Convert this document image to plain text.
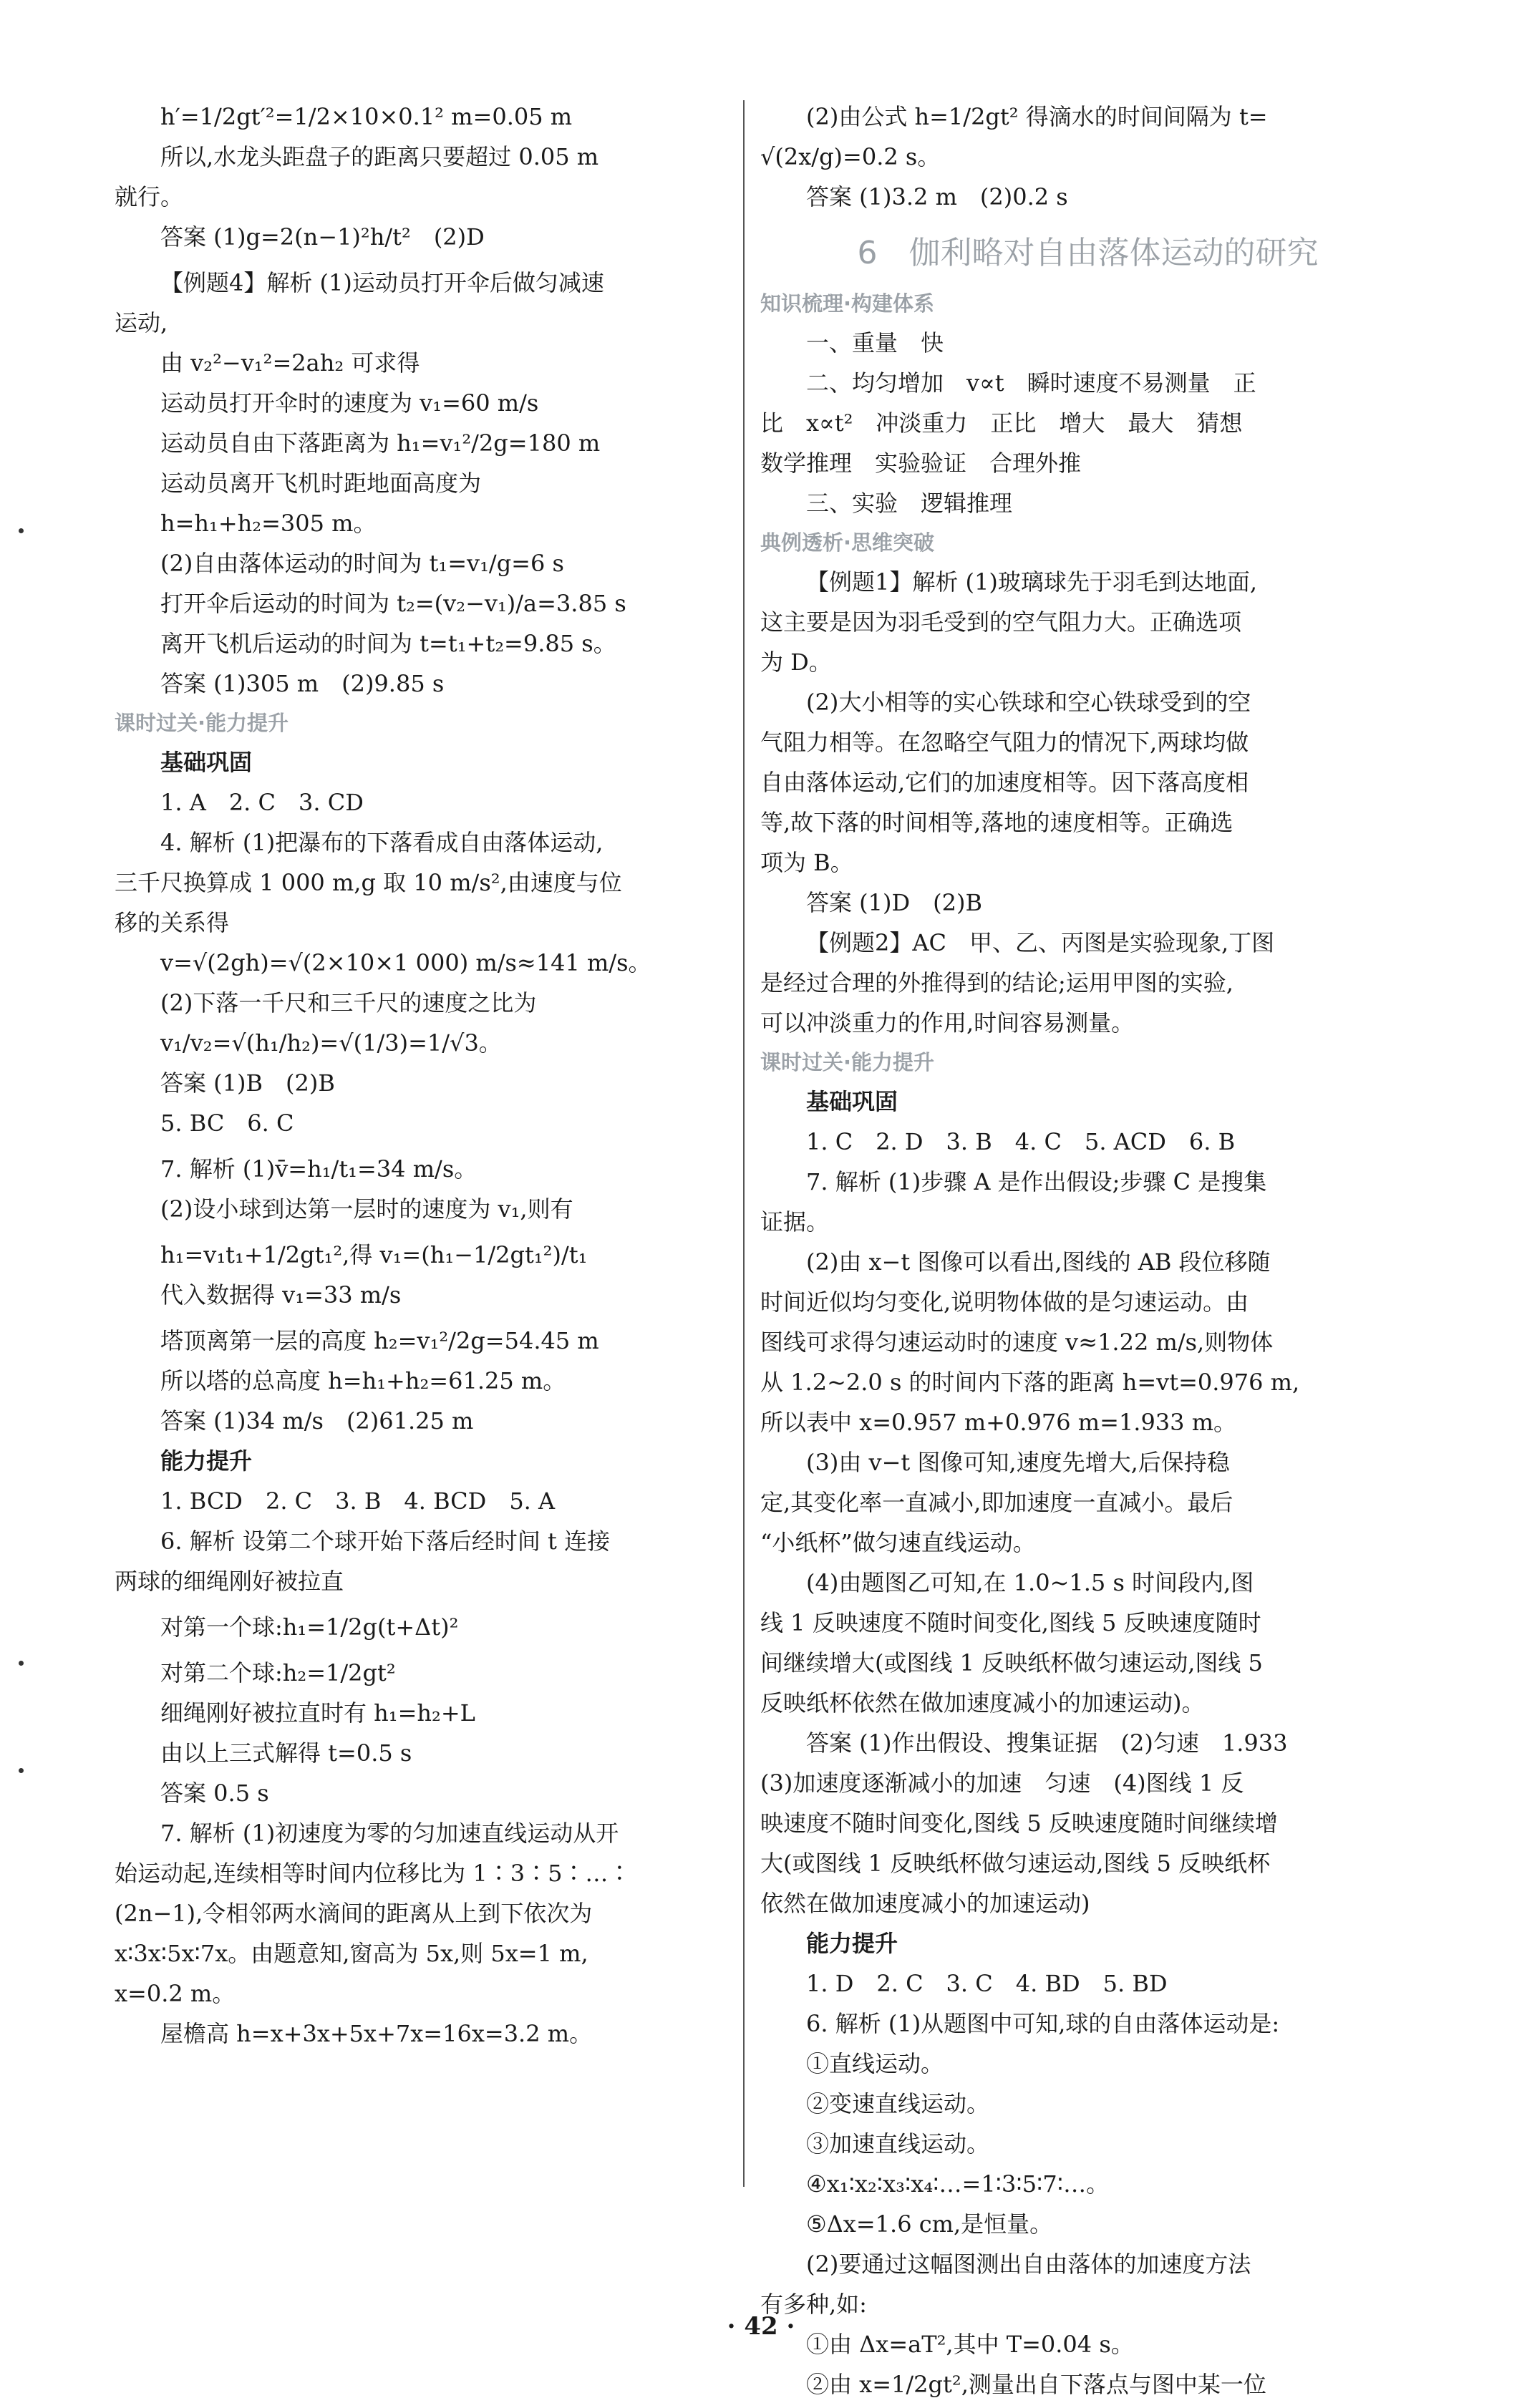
h′=1/2gt′²=1/2×10×0.1² m=0.05 m
所以,水龙头距盘子的距离只要超过 0.05 m
就行。
答案 (1)g=2(n−1)²h/t²　(2)D
【例题4】解析 (1)运动员打开伞后做匀减速
运动,
由 v₂²−v₁²=2ah₂ 可求得
运动员打开伞时的速度为 v₁=60 m/s
运动员自由下落距离为 h₁=v₁²/2g=180 m
运动员离开飞机时距地面高度为
h=h₁+h₂=305 m。
(2)自由落体运动的时间为 t₁=v₁/g=6 s
打开伞后运动的时间为 t₂=(v₂−v₁)/a=3.85 s
离开飞机后运动的时间为 t=t₁+t₂=9.85 s。
答案 (1)305 m　(2)9.85 s
课时过关·能力提升
基础巩固
1. A　2. C　3. CD
4. 解析 (1)把瀑布的下落看成自由落体运动,
三千尺换算成 1 000 m,g 取 10 m/s²,由速度与位
移的关系得
v=√(2gh)=√(2×10×1 000) m/s≈141 m/s。
(2)下落一千尺和三千尺的速度之比为
v₁/v₂=√(h₁/h₂)=√(1/3)=1/√3。
答案 (1)B　(2)B
5. BC　6. C
7. 解析 (1)v̄=h₁/t₁=34 m/s。
(2)设小球到达第一层时的速度为 v₁,则有
h₁=v₁t₁+1/2gt₁²,得 v₁=(h₁−1/2gt₁²)/t₁
代入数据得 v₁=33 m/s
塔顶离第一层的高度 h₂=v₁²/2g=54.45 m
所以塔的总高度 h=h₁+h₂=61.25 m。
答案 (1)34 m/s　(2)61.25 m
能力提升
1. BCD　2. C　3. B　4. BCD　5. A
6. 解析 设第二个球开始下落后经时间 t 连接
两球的细绳刚好被拉直
对第一个球:h₁=1/2g(t+Δt)²
对第二个球:h₂=1/2gt²
细绳刚好被拉直时有 h₁=h₂+L
由以上三式解得 t=0.5 s
答案 0.5 s
7. 解析 (1)初速度为零的匀加速直线运动从开
始运动起,连续相等时间内位移比为 1∶3∶5∶…∶
(2n−1),令相邻两水滴间的距离从上到下依次为
x∶3x∶5x∶7x。由题意知,窗高为 5x,则 5x=1 m,
x=0.2 m。
屋檐高 h=x+3x+5x+7x=16x=3.2 m。
(2)由公式 h=1/2gt² 得滴水的时间间隔为 t=
√(2x/g)=0.2 s。
答案 (1)3.2 m　(2)0.2 s
6　伽利略对自由落体运动的研究
知识梳理·构建体系
一、重量　快
二、均匀增加　v∝t　瞬时速度不易测量　正
比　x∝t²　冲淡重力　正比　增大　最大　猜想
数学推理　实验验证　合理外推
三、实验　逻辑推理
典例透析·思维突破
【例题1】解析 (1)玻璃球先于羽毛到达地面,
这主要是因为羽毛受到的空气阻力大。正确选项
为 D。
(2)大小相等的实心铁球和空心铁球受到的空
气阻力相等。在忽略空气阻力的情况下,两球均做
自由落体运动,它们的加速度相等。因下落高度相
等,故下落的时间相等,落地的速度相等。正确选
项为 B。
答案 (1)D　(2)B
【例题2】AC　甲、乙、丙图是实验现象,丁图
是经过合理的外推得到的结论;运用甲图的实验,
可以冲淡重力的作用,时间容易测量。
课时过关·能力提升
基础巩固
1. C　2. D　3. B　4. C　5. ACD　6. B
7. 解析 (1)步骤 A 是作出假设;步骤 C 是搜集
证据。
(2)由 x−t 图像可以看出,图线的 AB 段位移随
时间近似均匀变化,说明物体做的是匀速运动。由
图线可求得匀速运动时的速度 v≈1.22 m/s,则物体
从 1.2~2.0 s 的时间内下落的距离 h=vt=0.976 m,
所以表中 x=0.957 m+0.976 m=1.933 m。
(3)由 v−t 图像可知,速度先增大,后保持稳
定,其变化率一直减小,即加速度一直减小。最后
“小纸杯”做匀速直线运动。
(4)由题图乙可知,在 1.0~1.5 s 时间段内,图
线 1 反映速度不随时间变化,图线 5 反映速度随时
间继续增大(或图线 1 反映纸杯做匀速运动,图线 5
反映纸杯依然在做加速度减小的加速运动)。
答案 (1)作出假设、搜集证据　(2)匀速　1.933
(3)加速度逐渐减小的加速　匀速　(4)图线 1 反
映速度不随时间变化,图线 5 反映速度随时间继续增
大(或图线 1 反映纸杯做匀速运动,图线 5 反映纸杯
依然在做加速度减小的加速运动)
能力提升
1. D　2. C　3. C　4. BD　5. BD
6. 解析 (1)从题图中可知,球的自由落体运动是:
①直线运动。
②变速直线运动。
③加速直线运动。
④x₁∶x₂∶x₃∶x₄∶…=1∶3∶5∶7∶…。
⑤Δx=1.6 cm,是恒量。
(2)要通过这幅图测出自由落体的加速度方法
有多种,如:
①由 Δx=aT²,其中 T=0.04 s。
②由 x=1/2gt²,测量出自下落点与图中某一位
· 42 ·
